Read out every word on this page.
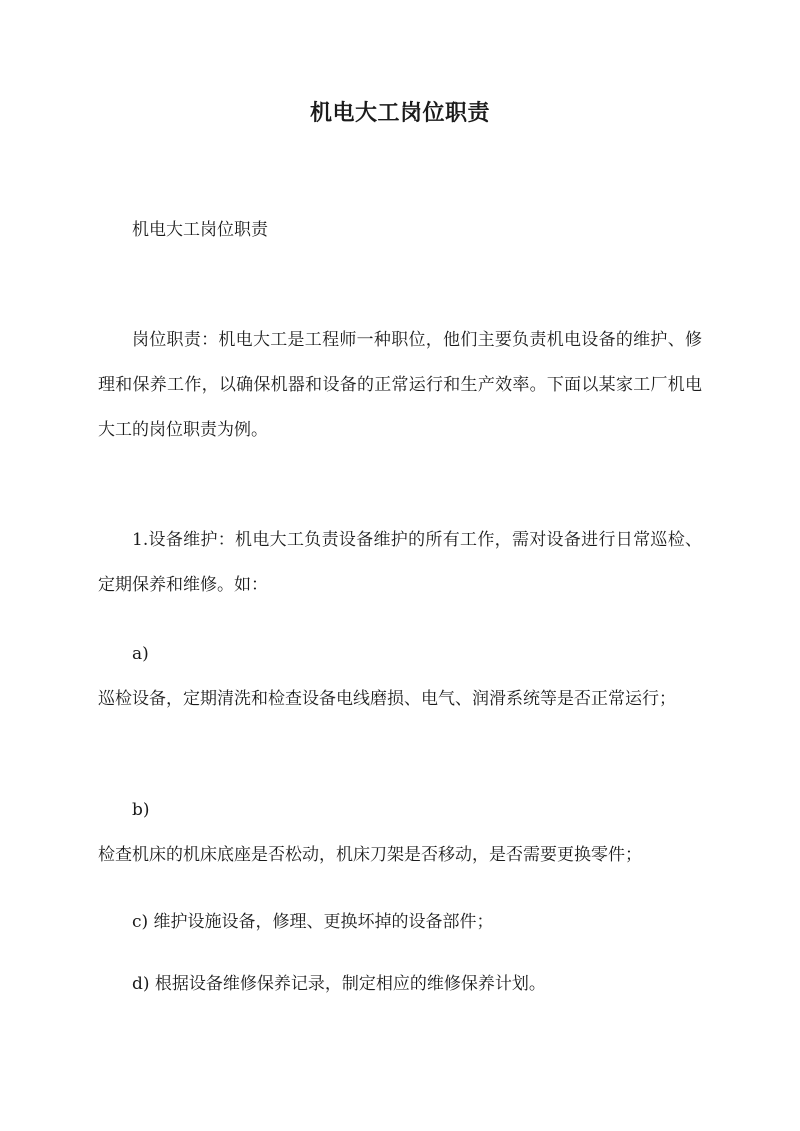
机电大工岗位职责
机电大工岗位职责
岗位职责：机电大工是工程师一种职位，他们主要负责机电设备的维护、修理和保养工作，以确保机器和设备的正常运行和生产效率。下面以某家工厂机电大工的岗位职责为例。
1.设备维护：机电大工负责设备维护的所有工作，需对设备进行日常巡检、定期保养和维修。如：
a)
巡检设备，定期清洗和检查设备电线磨损、电气、润滑系统等是否正常运行；
b)
检查机床的机床底座是否松动，机床刀架是否移动，是否需要更换零件；
c) 维护设施设备，修理、更换坏掉的设备部件；
d) 根据设备维修保养记录，制定相应的维修保养计划。
